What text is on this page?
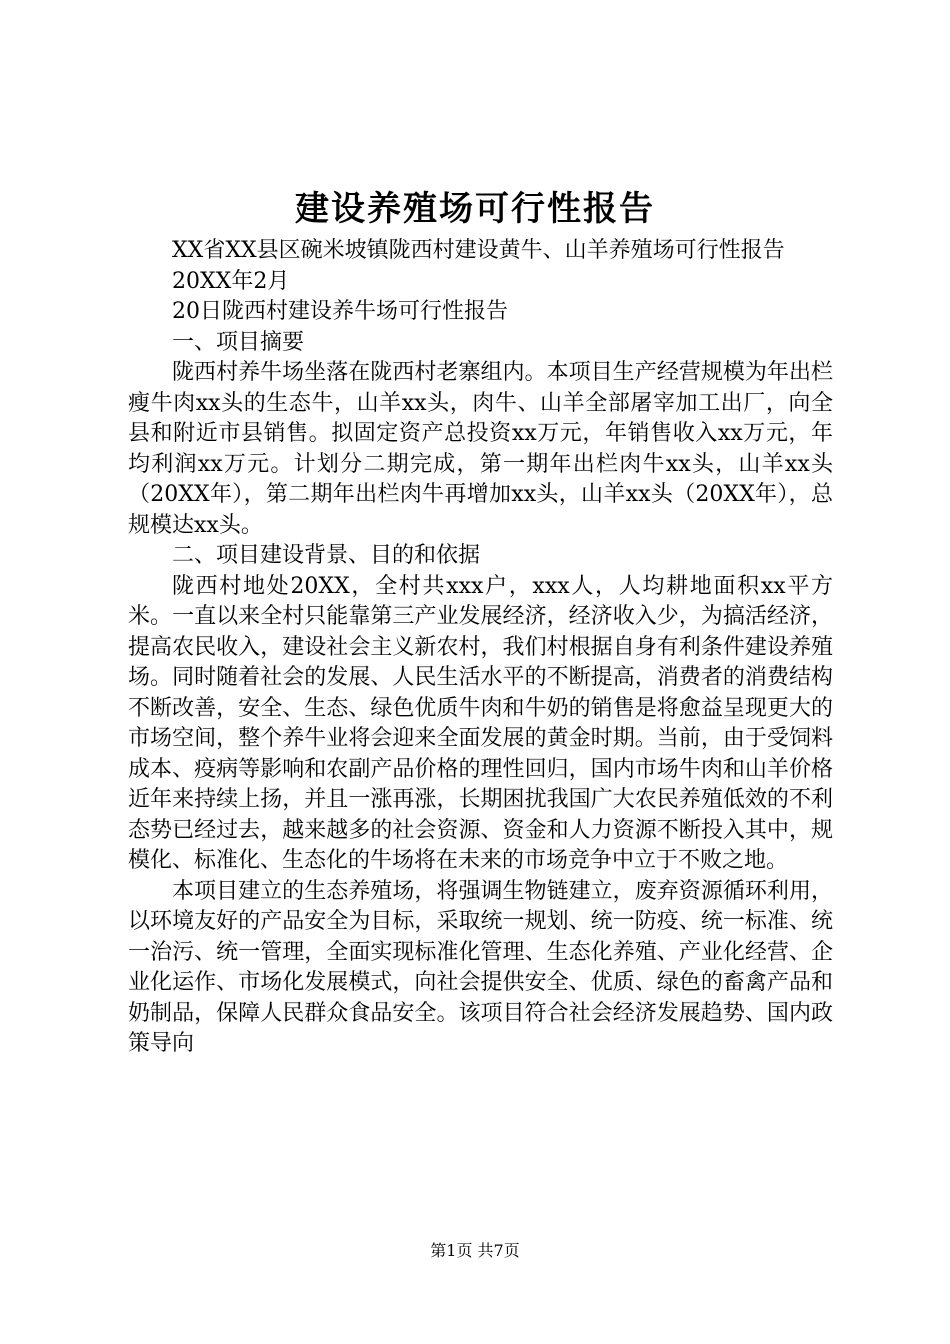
建设养殖场可行性报告

XX省XX县区碗米坡镇陇西村建设黄牛、山羊养殖场可行性报告

20XX年2月

20日陇西村建设养牛场可行性报告

一、项目摘要

陇西村养牛场坐落在陇西村老寨组内。本项目生产经营规模为年出栏瘦牛肉xx头的生态牛，山羊xx头，肉牛、山羊全部屠宰加工出厂，向全县和附近市县销售。拟固定资产总投资xx万元，年销售收入xx万元，年均利润xx万元。计划分二期完成，第一期年出栏肉牛xx头，山羊xx头（20XX年），第二期年出栏肉牛再增加xx头，山羊xx头（20XX年），总规模达xx头。

二、项目建设背景、目的和依据

陇西村地处20XX，全村共xxx户，xxx人，人均耕地面积xx平方米。一直以来全村只能靠第三产业发展经济，经济收入少，为搞活经济，提高农民收入，建设社会主义新农村，我们村根据自身有利条件建设养殖场。同时随着社会的发展、人民生活水平的不断提高，消费者的消费结构不断改善，安全、生态、绿色优质牛肉和牛奶的销售是将愈益呈现更大的市场空间，整个养牛业将会迎来全面发展的黄金时期。当前，由于受饲料成本、疫病等影响和农副产品价格的理性回归，国内市场牛肉和山羊价格近年来持续上扬，并且一涨再涨，长期困扰我国广大农民养殖低效的不利态势已经过去，越来越多的社会资源、资金和人力资源不断投入其中，规模化、标准化、生态化的牛场将在未来的市场竞争中立于不败之地。

本项目建立的生态养殖场，将强调生物链建立，废弃资源循环利用，以环境友好的产品安全为目标，采取统一规划、统一防疫、统一标准、统一治污、统一管理，全面实现标准化管理、生态化养殖、产业化经营、企业化运作、市场化发展模式，向社会提供安全、优质、绿色的畜禽产品和奶制品，保障人民群众食品安全。该项目符合社会经济发展趋势、国内政策导向

第1页 共7页
